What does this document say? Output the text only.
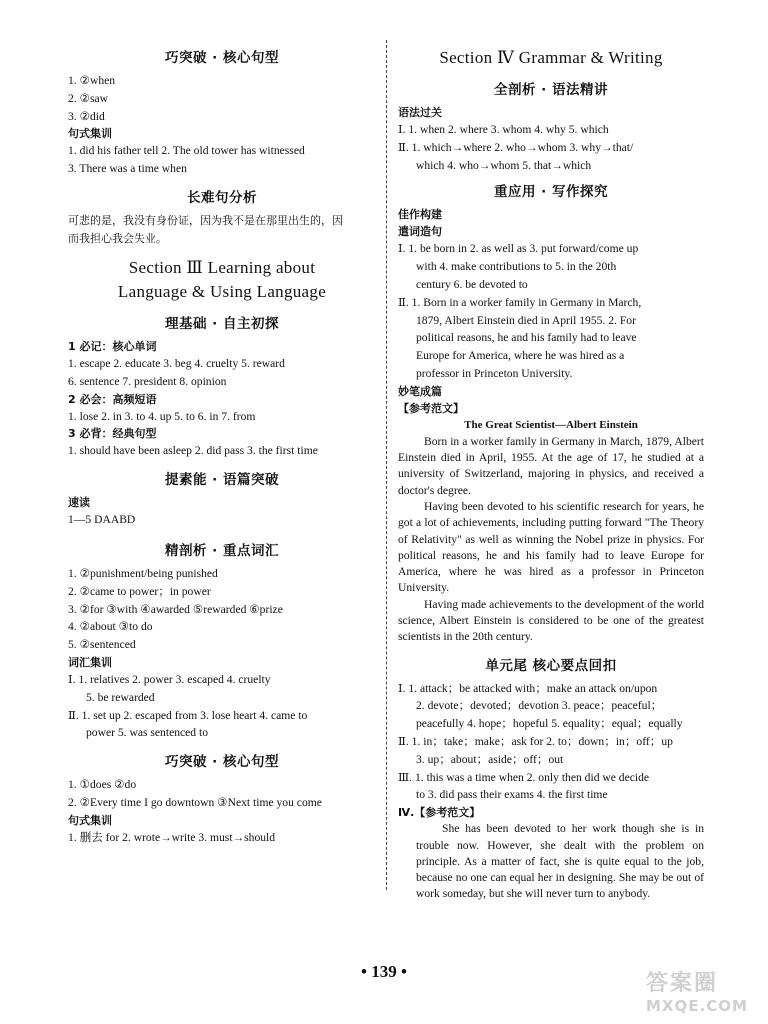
巧突破 · 核心句型
1. ②when
2. ②saw
3. ②did
句式集训
1. did his father tell 2. The old tower has witnessed
3. There was a time when
长难句分析
可悲的是，我没有身份证，因为我不是在那里出生的，因
而我担心我会失业。
Section Ⅲ Learning about
Language & Using Language
理基础 · 自主初探
1 必记：核心单词
1. escape 2. educate 3. beg 4. cruelty 5. reward
6. sentence 7. president 8. opinion
2 必会：高频短语
1. lose 2. in 3. to 4. up 5. to 6. in 7. from
3 必背：经典句型
1. should have been asleep 2. did pass 3. the first time
提素能 · 语篇突破
速读
1—5 DAABD
精剖析 · 重点词汇
1. ②punishment/being punished
2. ②came to power；in power
3. ②for ③with ④awarded ⑤rewarded ⑥prize
4. ②about ③to do
5. ②sentenced
词汇集训
Ⅰ. 1. relatives 2. power 3. escaped 4. cruelty
5. be rewarded
Ⅱ. 1. set up 2. escaped from 3. lose heart 4. came to
power 5. was sentenced to
巧突破 · 核心句型
1. ①does ②do
2. ②Every time I go downtown ③Next time you come
句式集训
1. 删去 for 2. wrote→write 3. must→should
Section Ⅳ Grammar & Writing
全剖析 · 语法精讲
语法过关
Ⅰ. 1. when 2. where 3. whom 4. why 5. which
Ⅱ. 1. which→where 2. who→whom 3. why→that/
which 4. who→whom 5. that→which
重应用 · 写作探究
佳作构建
遣词造句
Ⅰ. 1. be born in 2. as well as 3. put forward/come up
with 4. make contributions to 5. in the 20th
century 6. be devoted to
Ⅱ. 1. Born in a worker family in Germany in March,
1879, Albert Einstein died in April 1955. 2. For
political reasons, he and his family had to leave
Europe for America, where he was hired as a
professor in Princeton University.
妙笔成篇
【参考范文】
The Great Scientist—Albert Einstein

Born in a worker family in Germany in March, 1879, Albert Einstein died in April, 1955. At the age of 17, he studied at a university of Switzerland, majoring in physics, and received a doctor's degree.

Having been devoted to his scientific research for years, he got a lot of achievements, including putting forward "The Theory of Relativity" as well as winning the Nobel prize in physics. For political reasons, he and his family had to leave Europe for America, where he was hired as a professor in Princeton University.

Having made achievements to the development of the world science, Albert Einstein is considered to be one of the greatest scientists in the 20th century.

单元尾 核心要点回扣
Ⅰ. 1. attack；be attacked with；make an attack on/upon
2. devote；devoted；devotion 3. peace；peaceful；
peacefully 4. hope；hopeful 5. equality；equal；equally
Ⅱ. 1. in；take；make；ask for 2. to；down；in；off；up
3. up；about；aside；off；out
Ⅲ. 1. this was a time when 2. only then did we decide
to 3. did pass their exams 4. the first time
Ⅳ.【参考范文】

She has been devoted to her work though she is in trouble now. However, she dealt with the problem on principle. As a matter of fact, she is quite equal to the job, because no one can equal her in designing. She may be out of work someday, but she will never turn to anybody.

• 139 •	答案圈
MXQE.COM
